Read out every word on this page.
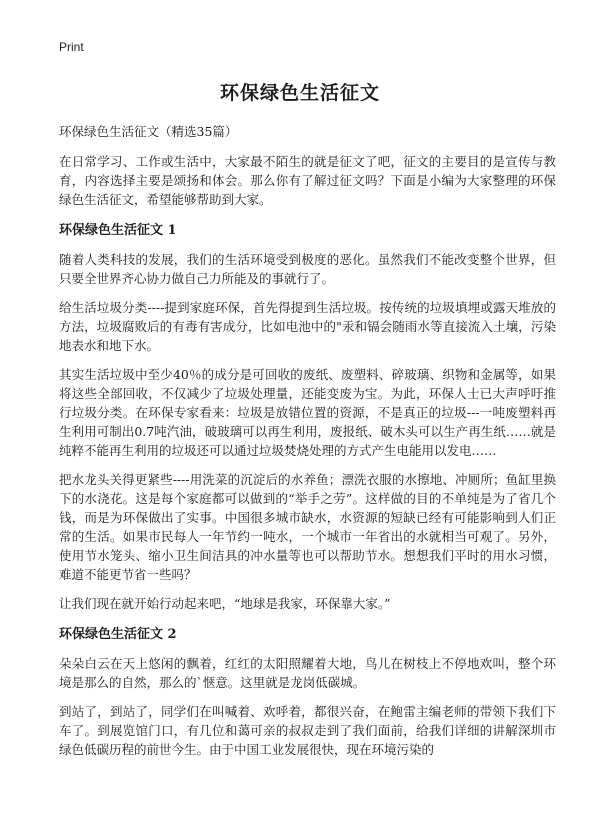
Print
环保绿色生活征文
环保绿色生活征文（精选35篇）

在日常学习、工作或生活中，大家最不陌生的就是征文了吧，征文的主要目的是宣传与教育，内容选择主要是颂扬和体会。那么你有了解过征文吗？下面是小编为大家整理的环保绿色生活征文，希望能够帮助到大家。

环保绿色生活征文 1

随着人类科技的发展，我们的生活环境受到极度的恶化。虽然我们不能改变整个世界，但只要全世界齐心协力做自己力所能及的事就行了。

给生活垃圾分类----提到家庭环保，首先得提到生活垃圾。按传统的垃圾填埋或露天堆放的方法，垃圾腐败后的有毒有害成分，比如电池中的"汞和镉会随雨水等直接流入土壤，污染地表水和地下水。

其实生活垃圾中至少40％的成分是可回收的废纸、废塑料、碎玻璃、织物和金属等，如果将这些全部回收，不仅减少了垃圾处理量，还能变废为宝。为此，环保人士已大声呼吁推行垃圾分类。在环保专家看来：垃圾是放错位置的资源，不是真正的垃圾---一吨废塑料再生利用可制出0.7吨汽油，破玻璃可以再生利用，废报纸、破木头可以生产再生纸……就是纯粹不能再生利用的垃圾还可以通过垃圾焚烧处理的方式产生电能用以发电……

把水龙头关得更紧些----用洗菜的沉淀后的水养鱼；漂洗衣服的水擦地、冲厕所；鱼缸里换下的水浇花。这是每个家庭都可以做到的“举手之劳”。这样做的目的不单纯是为了省几个钱，而是为环保做出了实事。中国很多城市缺水，水资源的短缺已经有可能影响到人们正常的生活。如果市民每人一年节约一吨水，一个城市一年省出的水就相当可观了。另外，使用节水笼头、缩小卫生间洁具的冲水量等也可以帮助节水。想想我们平时的用水习惯，难道不能更节省一些吗？

让我们现在就开始行动起来吧，“地球是我家，环保靠大家。”

环保绿色生活征文 2

朵朵白云在天上悠闲的飘着，红红的太阳照耀着大地，鸟儿在树枝上不停地欢叫，整个环境是那么的自然，那么的`惬意。这里就是龙岗低碳城。

到站了，到站了，同学们在叫喊着、欢呼着，都很兴奋，在鲍雷主编老师的带领下我们下车了。到展览馆门口，有几位和蔼可亲的叔叔走到了我们面前，给我们详细的讲解深圳市绿色低碳历程的前世今生。由于中国工业发展很快，现在环境污染的
